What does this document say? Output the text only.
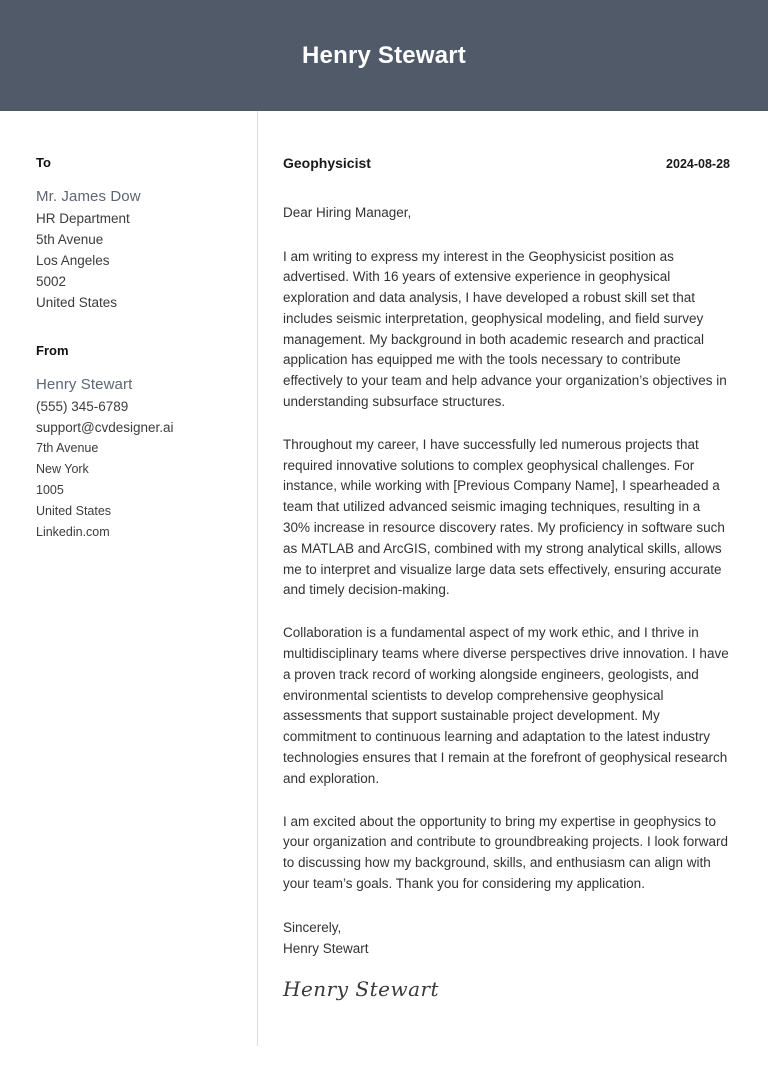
Henry Stewart
To
Mr. James Dow
HR Department
5th Avenue
Los Angeles
5002
United States
From
Henry Stewart
(555) 345-6789
support@cvdesigner.ai
7th Avenue
New York
1005
United States
Linkedin.com
Geophysicist	2024-08-28

Dear Hiring Manager,

I am writing to express my interest in the Geophysicist position as advertised. With 16 years of extensive experience in geophysical exploration and data analysis, I have developed a robust skill set that includes seismic interpretation, geophysical modeling, and field survey management. My background in both academic research and practical application has equipped me with the tools necessary to contribute effectively to your team and help advance your organization’s objectives in understanding subsurface structures.

Throughout my career, I have successfully led numerous projects that required innovative solutions to complex geophysical challenges. For instance, while working with [Previous Company Name], I spearheaded a team that utilized advanced seismic imaging techniques, resulting in a 30% increase in resource discovery rates. My proficiency in software such as MATLAB and ArcGIS, combined with my strong analytical skills, allows me to interpret and visualize large data sets effectively, ensuring accurate and timely decision-making.

Collaboration is a fundamental aspect of my work ethic, and I thrive in multidisciplinary teams where diverse perspectives drive innovation. I have a proven track record of working alongside engineers, geologists, and environmental scientists to develop comprehensive geophysical assessments that support sustainable project development. My commitment to continuous learning and adaptation to the latest industry technologies ensures that I remain at the forefront of geophysical research and exploration.

I am excited about the opportunity to bring my expertise in geophysics to your organization and contribute to groundbreaking projects. I look forward to discussing how my background, skills, and enthusiasm can align with your team’s goals. Thank you for considering my application.

Sincerely,
Henry Stewart
Henry Stewart
